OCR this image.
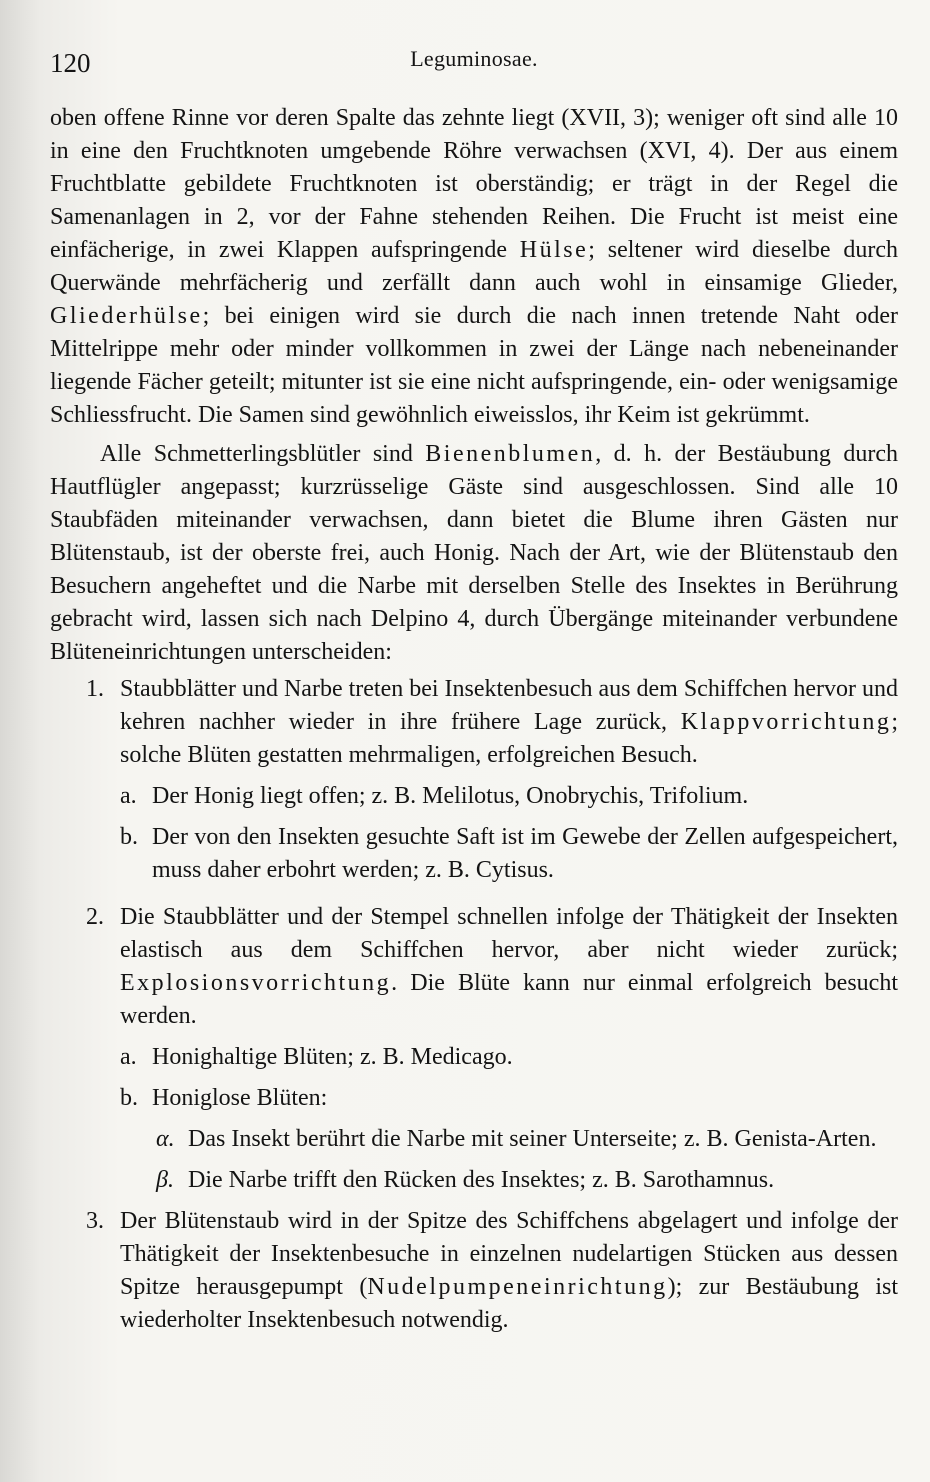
120	Leguminosae.

oben offene Rinne vor deren Spalte das zehnte liegt (XVII, 3); weniger oft sind alle 10 in eine den Fruchtknoten umgebende Röhre verwachsen (XVI, 4). Der aus einem Fruchtblatte gebildete Fruchtknoten ist oberständig; er trägt in der Regel die Samenanlagen in 2, vor der Fahne stehenden Reihen. Die Frucht ist meist eine einfächerige, in zwei Klappen aufspringende Hülse; seltener wird dieselbe durch Querwände mehrfächerig und zerfällt dann auch wohl in einsamige Glieder, Gliederhülse; bei einigen wird sie durch die nach innen tretende Naht oder Mittelrippe mehr oder minder vollkommen in zwei der Länge nach nebeneinander liegende Fächer geteilt; mitunter ist sie eine nicht aufspringende, ein- oder wenigsamige Schliessfrucht. Die Samen sind gewöhnlich eiweisslos, ihr Keim ist gekrümmt.

Alle Schmetterlingsblütler sind Bienenblumen, d. h. der Bestäubung durch Hautflügler angepasst; kurzrüsselige Gäste sind ausgeschlossen. Sind alle 10 Staubfäden miteinander verwachsen, dann bietet die Blume ihren Gästen nur Blütenstaub, ist der oberste frei, auch Honig. Nach der Art, wie der Blütenstaub den Besuchern angeheftet und die Narbe mit derselben Stelle des Insektes in Berührung gebracht wird, lassen sich nach Delpino 4, durch Übergänge miteinander verbundene Blüteneinrichtungen unterscheiden:

1. Staubblätter und Narbe treten bei Insektenbesuch aus dem Schiffchen hervor und kehren nachher wieder in ihre frühere Lage zurück, Klappvorrichtung; solche Blüten gestatten mehrmaligen, erfolgreichen Besuch.

a. Der Honig liegt offen; z. B. Melilotus, Onobrychis, Trifolium.

b. Der von den Insekten gesuchte Saft ist im Gewebe der Zellen aufgespeichert, muss daher erbohrt werden; z. B. Cytisus.

2. Die Staubblätter und der Stempel schnellen infolge der Thätigkeit der Insekten elastisch aus dem Schiffchen hervor, aber nicht wieder zurück; Explosionsvorrichtung. Die Blüte kann nur einmal erfolgreich besucht werden.

a. Honighaltige Blüten; z. B. Medicago.

b. Honiglose Blüten:

α. Das Insekt berührt die Narbe mit seiner Unterseite; z. B. Genista-Arten.

β. Die Narbe trifft den Rücken des Insektes; z. B. Sarothamnus.

3. Der Blütenstaub wird in der Spitze des Schiffchens abgelagert und infolge der Thätigkeit der Insektenbesuche in einzelnen nudelartigen Stücken aus dessen Spitze herausgepumpt (Nudelpumpeneinrichtung); zur Bestäubung ist wiederholter Insektenbesuch notwendig.
